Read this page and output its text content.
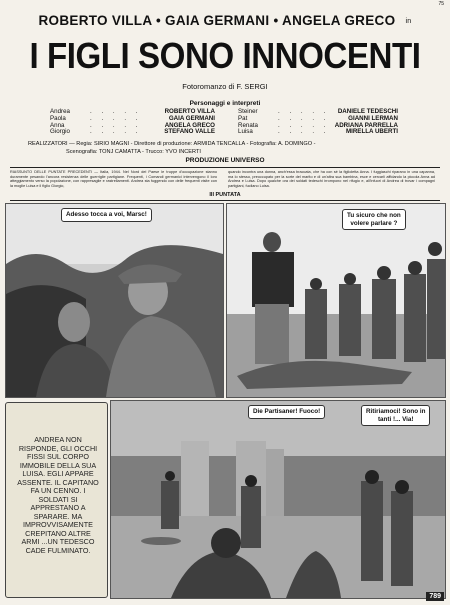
75
ROBERTO VILLA • GAIA GERMANI • ANGELA GRECO in
I FIGLI SONO INNOCENTI
Fotoromanzo di F. SERGI
Personaggi e interpreti
Andrea	. . . . .	ROBERTO VILLA
Paola	. . . . .	GAIA GERMANI
Anna	. . . . .	ANGELA GRECO
Giorgio	. . . . .	STEFANO VALLE
Steiner	. . . . . DANIELE TEDESCHI
Pat	. . . . .	GIANNI LERMAN
Renata	. . . . . ADRIANA PARRELLA
Luisa	. . . . .	MIRELLA UBERTI
REALIZZATORI — Regia: SIRIO MAGNI - Direttore di produzione: ARMIDA TENCALLA - Fotografia: A. DOMINGO -
Scenografia: TONJ CAMATTA - Trucco: YVO INCERTI
PRODUZIONE UNIVERSO
RIASSUNTO DELLE PUNTATE PRECEDENTI — Italia, 1944. Nel Nord del Paese le truppe d'occupazione stanno duramente pesando l'ancora resistenza delle guerriglie partigiane. Frequenti, i Comandi germanici intervengono il loro atteggiamento verso la popolazione, con rappresaglie e rastrellamenti. Andrea sta fuggendo con delle frequenti visite con la moglie Luisa e il figlio Giorgio,
quando incontra una donna, anch'essa braccata, che ha con sé la figlioletta Anna. I fuggiaschi riparano in una capanna, ma lo stesso, preoccupato per la sorte del marito e di un'altra sua bambina, esce e cercarli affidando la piccola Anna ad Andrea e Luisa. Dopo qualche ora dei soldati tedeschi irrompono nel rifugio e, all'infuori di Andrea di trovar i compagni partigiani, fucilano Luisa.
III PUNTATA
Adesso tocca a voi, Marsc!	Tu sicuro che non
volere parlare ?
ANDREA NON RISPONDE, GLI OCCHI FISSI SUL CORPO IMMOBILE DELLA SUA LUISA. EGLI APPARE ASSENTE. IL CAPITANO FA UN CENNO. I SOLDATI SI APPRESTANO A SPARARE. MA IMPROVVISAMENTE CREPITANO ALTRE ARMI ...UN TEDESCO CADE FULMINATO.
Die Partisaner! Fuoco!	Ritiriamoci! Sono in
tanti !... Via!
789
